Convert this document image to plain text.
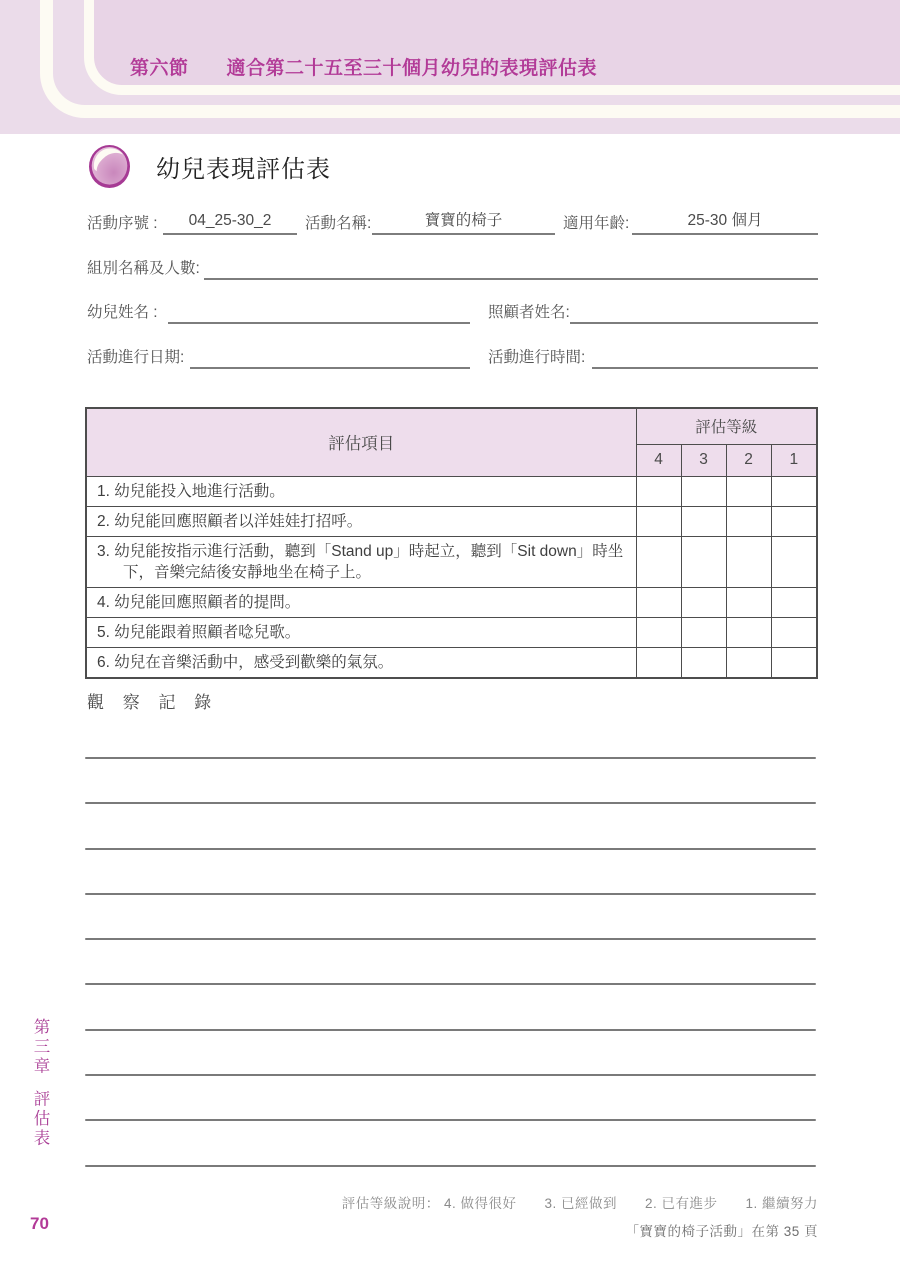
第六節 適合第二十五至三十個月幼兒的表現評估表
幼兒表現評估表
活動序號 :	04_25-30_2	活動名稱:	寶寶的椅子	適用年齡:	25-30 個月
組別名稱及人數:
幼兒姓名 :	照顧者姓名:
活動進行日期:	活動進行時間:
評估項目	評估等級			
	4	3	2	1
1. 幼兒能投入地進行活動。				
2. 幼兒能回應照顧者以洋娃娃打招呼。				
3. 幼兒能按指示進行活動，聽到「Stand up」時起立，聽到「Sit down」時坐下，音樂完結後安靜地坐在椅子上。				
4. 幼兒能回應照顧者的提問。				
5. 幼兒能跟着照顧者唸兒歌。				
6. 幼兒在音樂活動中，感受到歡樂的氣氛。				
觀 察 記 錄
第三章
評估表
70
評估等級說明： 4. 做得很好　　3. 已經做到　　2. 已有進步　　1. 繼續努力
「寶寶的椅子活動」在第 35 頁
